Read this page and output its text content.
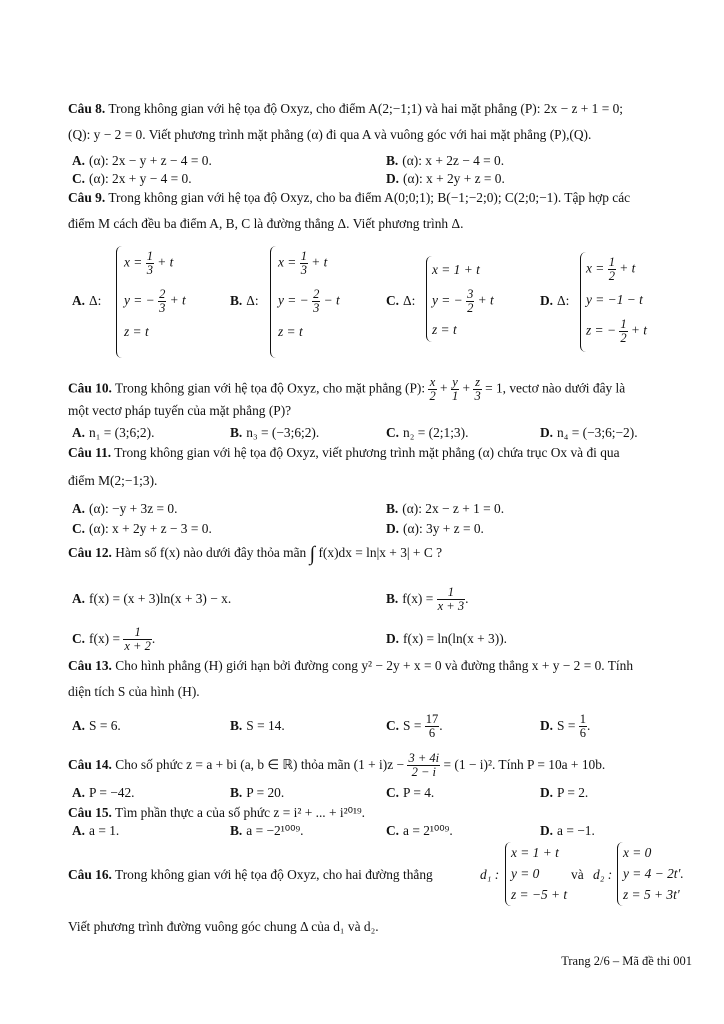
Câu 8. Trong không gian với hệ tọa độ Oxyz, cho điểm A(2;−1;1) và hai mặt phẳng (P): 2x − z + 1 = 0;
(Q): y − 2 = 0. Viết phương trình mặt phẳng (α) đi qua A và vuông góc với hai mặt phẳng (P),(Q).
A. (α): 2x − y + z − 4 = 0.	B. (α): x + 2z − 4 = 0.
C. (α): 2x + y − 4 = 0.	D. (α): x + 2y + z = 0.
Câu 9. Trong không gian với hệ tọa độ Oxyz, cho ba điểm A(0;0;1); B(−1;−2;0); C(2;0;−1). Tập hợp các
điểm M cách đều ba điểm A, B, C là đường thẳng Δ. Viết phương trình Δ.
A. Δ:
$x = \frac{1}{3} + t$
y = − $\frac{2}{3} + t$
z = t
B. Δ:
$x = \frac{1}{3} + t$
y = − $\frac{2}{3} - t$
z = t
C. Δ:
x = 1 + t
y = − $\frac{3}{2} + t$
z = t
D. Δ:
$x = \frac{1}{2} + t$
y = −1 − t
z = − $\frac{1}{2} + t$
Câu 10. Trong không gian với hệ tọa độ Oxyz, cho mặt phẳng (P): $\frac{x}{2} + \frac{y}{1} + \frac{z}{3} = 1$, vectơ nào dưới đây là
một vectơ pháp tuyến của mặt phẳng (P)?
A. n₁ = (3;6;2).	B. n₃ = (−3;6;2).	C. n₂ = (2;1;3).	D. n₄ = (−3;6;−2).
Câu 11. Trong không gian với hệ tọa độ Oxyz, viết phương trình mặt phẳng (α) chứa trục Ox và đi qua
điểm M(2;−1;3).
A. (α): −y + 3z = 0.	B. (α): 2x − z + 1 = 0.
C. (α): x + 2y + z − 3 = 0.	D. (α): 3y + z = 0.
Câu 12. Hàm số f(x) nào dưới đây thỏa mãn ∫ f(x)dx = ln|x + 3| + C ?
A. f(x) = (x + 3)ln(x + 3) − x.	B. $f(x) = \frac{1}{x + 3}$ .
C. $f(x) = \frac{1}{x + 2}$ .	D. f(x) = ln(ln(x + 3)).
Câu 13. Cho hình phẳng (H) giới hạn bởi đường cong y² − 2y + x = 0 và đường thẳng x + y − 2 = 0. Tính
diện tích S của hình (H).
A. S = 6.	B. S = 14.	C. $S = \frac{17}{6}$ .	D. $S = \frac{1}{6}$ .
Câu 14. Cho số phức z = a + bi (a, b ∈ ℝ) thỏa mãn $(1 + i)z - \frac{3 + 4i}{2 - i} = (1 - i)^2$. Tính P = 10a + 10b.
A. P = −42.	B. P = 20.	C. P = 4.	D. P = 2.
Câu 15. Tìm phần thực a của số phức z = i² + ... + i²⁰¹⁹.
A. a = 1.	B. a = −2¹⁰⁰⁹.	C. a = 2¹⁰⁰⁹.	D. a = −1.
Câu 16. Trong không gian với hệ tọa độ Oxyz, cho hai đường thẳng	d₁ :
x = 1 + t
y = 0
z = −5 + t
và d₂ :
x = 0
y = 4 − 2t'.
z = 5 + 3t'
Viết phương trình đường vuông góc chung Δ của d₁ và d₂.
Trang 2/6 – Mã đề thi 001
